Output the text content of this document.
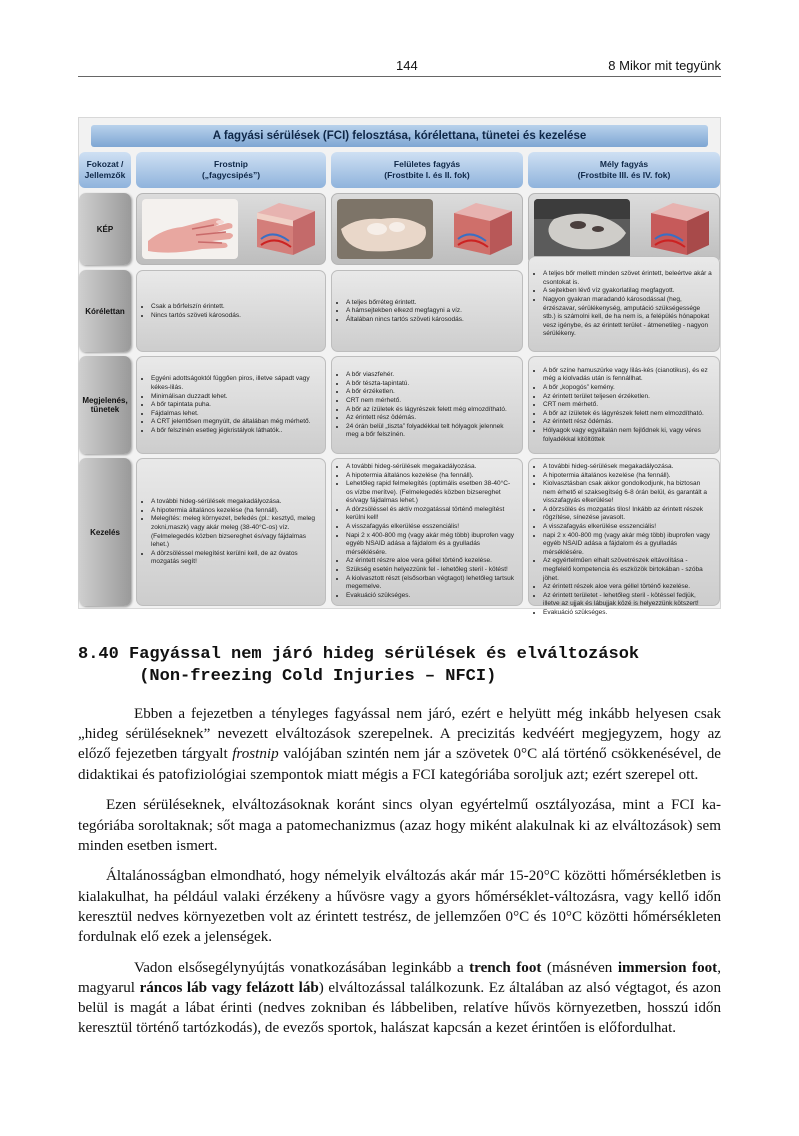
144	8 Mikor mit tegyünk
A fagyási sérülések (FCI) felosztása, kórélettana, tünetei és kezelése
Fokozat /
Jellemzők
Frostnip
(„fagycsipés”)
Felületes fagyás
(Frostbite I. és II. fok)
Mély fagyás
(Frostbite III. és IV. fok)
KÉP
Kórélettan
Megjelenés,
tünetek
Kezelés
• Csak a bőrfelszín érintett.
• Nincs tartós szöveti károsodás.
• A teljes bőrréteg érintett.
• A hámsejtekben elkezd megfagyni a víz.
• Általában nincs tartós szöveti károsodás.
• A teljes bőr mellett minden szövet érintett, beleértve akár a csontokat is.
• A sejtekben lévő víz gyakorlatilag megfagyott.
• Nagyon gyakran maradandó károsodással (heg, érzészavar, sérülékenység, amputáció szükségessége stb.) is számolni kell, de ha nem is, a felépülés hónapokat vesz igénybe, és az érintett terület - átmenetileg - nagyon sérülékeny.
• Egyéni adottságoktól függően piros, illetve sápadt vagy kékes-lilás.
• Minimálisan duzzadt lehet.
• A bőr tapintata puha.
• Fájdalmas lehet.
• A CRT jelentősen megnyúlt, de általában még mérhető.
• A bőr felszínén esetleg jégkristályok láthatók..
• A bőr viaszfehér.
• A bőr tészta-tapintatú.
• A bőr érzéketlen.
• CRT nem mérhető.
• A bőr az ízületek és lágyrészek felett még elmozdítható.
• Az érintett rész ödémás.
• 24 órán belül „tiszta” folyadékkal telt hólyagok jelennek meg a bőr felszínén.
• A bőr színe hamuszürke vagy lilás-kés (cianotikus), és ez még a kiolvadás után is fennállhat.
• A bőr „kopogós” kemény.
• Az érintett terület teljesen érzéketlen.
• CRT nem mérhető.
• A bőr az ízületek és lágyrészek felett nem elmozdítható.
• Az érintett rész ödémás.
• Hólyagok vagy egyáltalán nem fejlődnek ki, vagy véres folyadékkal kitöltöttek
• A további hideg-sérülések megakadályozása.
• A hipotermia általános kezelése (ha fennáll).
• Melegítés: meleg környezet, befedés (pl.: kesztyű, meleg zokni,maszk) vagy akár meleg (38-40°C-os) víz. (Felmelegedés közben bizsereghet és/vagy fájdalmas lehet.)
• A dörzsöléssel melegítést kerülni kell, de az óvatos mozgatás segít!
• A további hideg-sérülések megakadályozása.
• A hipotermia általános kezelése (ha fennáll).
• Lehetőleg rapid felmelegítés (optimális esetben 38-40°C-os vízbe merítve). (Felmelegedés közben bizsereghet és/vagy fájdalmas lehet.)
• A dörzsöléssel és aktív mozgatással történő melegítést kerülni kell!
• A visszafagyás elkerülése esszenciális!
• Napi 2 x 400-800 mg (vagy akár még több) ibuprofen vagy egyéb NSAID adása a fájdalom és a gyulladás mérséklésére.
• Az érintett részre aloe vera géllel történő kezelése.
• Szükség esetén helyezzünk fel - lehetőleg steril - kötést!
• A kiolvasztott részt (elsősorban végtagot) lehetőleg tartsuk megemelve.
• Evakuáció szükséges.
• A további hideg-sérülések megakadályozása.
• A hipotermia általános kezelése (ha fennáll).
• Kiolvasztásban csak akkor gondolkodjunk, ha biztosan nem érhető el szaksegítség 6-8 órán belül, és garantált a visszafagyás elkerülése!
• A dörzsölés és mozgatás tilos! Inkább az érintett részek rögzítése, sínezése javasolt.
• A visszafagyás elkerülése esszenciális!
• napi 2 x 400-800 mg (vagy akár még több) ibuprofen vagy egyéb NSAID adása a fájdalom és a gyulladás mérséklésére.
• Az egyértelműen elhalt szövetrészek eltávolítása - megfelelő kompetencia és eszközök birtokában - szóba jöhet.
• Az érintett részek aloe vera géllel történő kezelése.
• Az érintett területet - lehetőleg steril - kötéssel fedjük, illetve az ujjak és lábujjak közé is helyezzünk kötszert!
• Evakuáció szükséges.
8.40 Fagyással nem járó hideg sérülések és elváltozások
(Non-freezing Cold Injuries – NFCI)

Ebben a fejezetben a tényleges fagyással nem járó, ezért e helyütt még inkább helyesen csak „hideg sérüléseknek” nevezett elváltozások szerepelnek. A precizitás kedvéért megjegyzem, hogy az előző fejezetben tárgyalt frostnip valójában szintén nem jár a szövetek 0°C alá történő csökkenésével, de didaktikai és patofiziológiai szempontok miatt mégis a FCI kategóriába soroljuk azt; ezért szerepel ott.

Ezen sérüléseknek, elváltozásoknak koránt sincs olyan egyértelmű osztályozása, mint a FCI kategóriába soroltaknak; sőt maga a patomechanizmus (azaz hogy miként alakulnak ki az elváltozások) sem minden esetben ismert.

Általánosságban elmondható, hogy némelyik elváltozás akár már 15-20°C közötti hőmérsékletben is kialakulhat, ha például valaki érzékeny a hűvösre vagy a gyors hőmérséklet-változásra, vagy kellő időn keresztül nedves környezetben volt az érintett testrész, de jellemzően 0°C és 10°C közötti hőmérsékleten fordulnak elő ezek a jelenségek.

Vadon elsősegélynyújtás vonatkozásában leginkább a trench foot (másnéven immersion foot, magyarul ráncos láb vagy felázott láb) elváltozással találkozunk. Ez általában az alsó végtagot, és azon belül is magát a lábat érinti (nedves zokniban és lábbeliben, relatíve hűvös környezetben, hosszú időn keresztül történő tartózkodás), de evezős sportok, halászat kapcsán a kezet érintően is előfordulhat.
